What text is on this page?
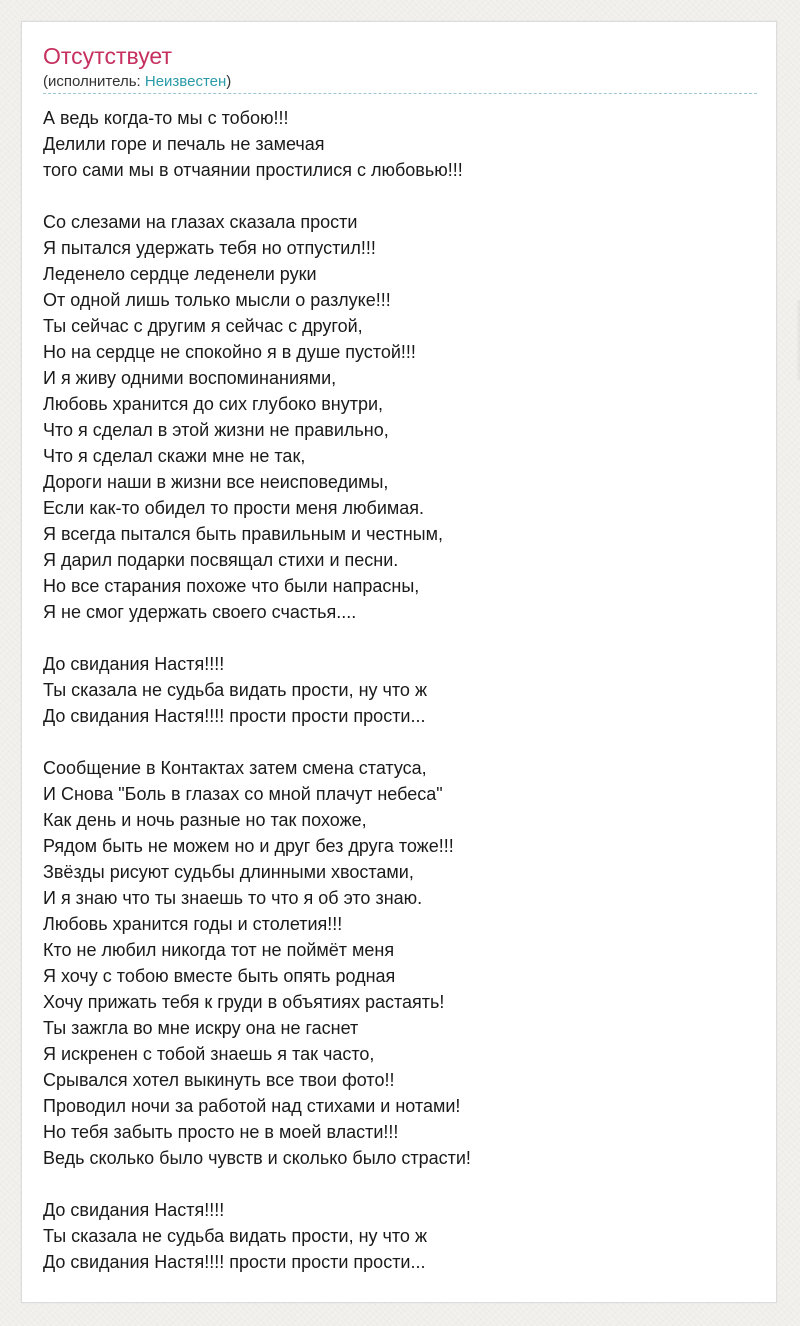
Отсутствует
(исполнитель: Неизвестен)
А ведь когда-то мы с тобою!!!
Делили горе и печаль не замечая
того сами мы в отчаянии простилися с любовью!!!
Со слезами на глазах сказала прости
Я пытался удержать тебя но отпустил!!!
Леденело сердце леденели руки
От одной лишь только мысли о разлуке!!!
Ты сейчас с другим я сейчас с другой,
Но на сердце не спокойно я в душе пустой!!!
И я живу одними воспоминаниями,
Любовь хранится до сих глубоко внутри,
Что я сделал в этой жизни не правильно,
Что я сделал скажи мне не так,
Дороги наши в жизни все неисповедимы,
Если как-то обидел то прости меня любимая.
Я всегда пытался быть правильным и честным,
Я дарил подарки посвящал стихи и песни.
Но все старания похоже что были напрасны,
Я не смог удержать своего счастья....
До свидания Настя!!!!
Ты сказала не судьба видать прости, ну что ж
До свидания Настя!!!! прости прости прости...
Сообщение в Контактах затем смена статуса,
И Снова "Боль в глазах со мной плачут небеса"
Как день и ночь разные но так похоже,
Рядом быть не можем но и друг без друга тоже!!!
Звёзды рисуют судьбы длинными хвостами,
И я знаю что ты знаешь то что я об это знаю.
Любовь хранится годы и столетия!!!
Кто не любил никогда тот не поймёт меня
Я хочу с тобою вместе быть опять родная
Хочу прижать тебя к груди в объятиях растаять!
Ты зажгла во мне искру она не гаснет
Я искренен с тобой знаешь я так часто,
Срывался хотел выкинуть все твои фото!!
Проводил ночи за работой над стихами и нотами!
Но тебя забыть просто не в моей власти!!!
Ведь сколько было чувств и сколько было страсти!
До свидания Настя!!!!
Ты сказала не судьба видать прости, ну что ж
До свидания Настя!!!! прости прости прости...
